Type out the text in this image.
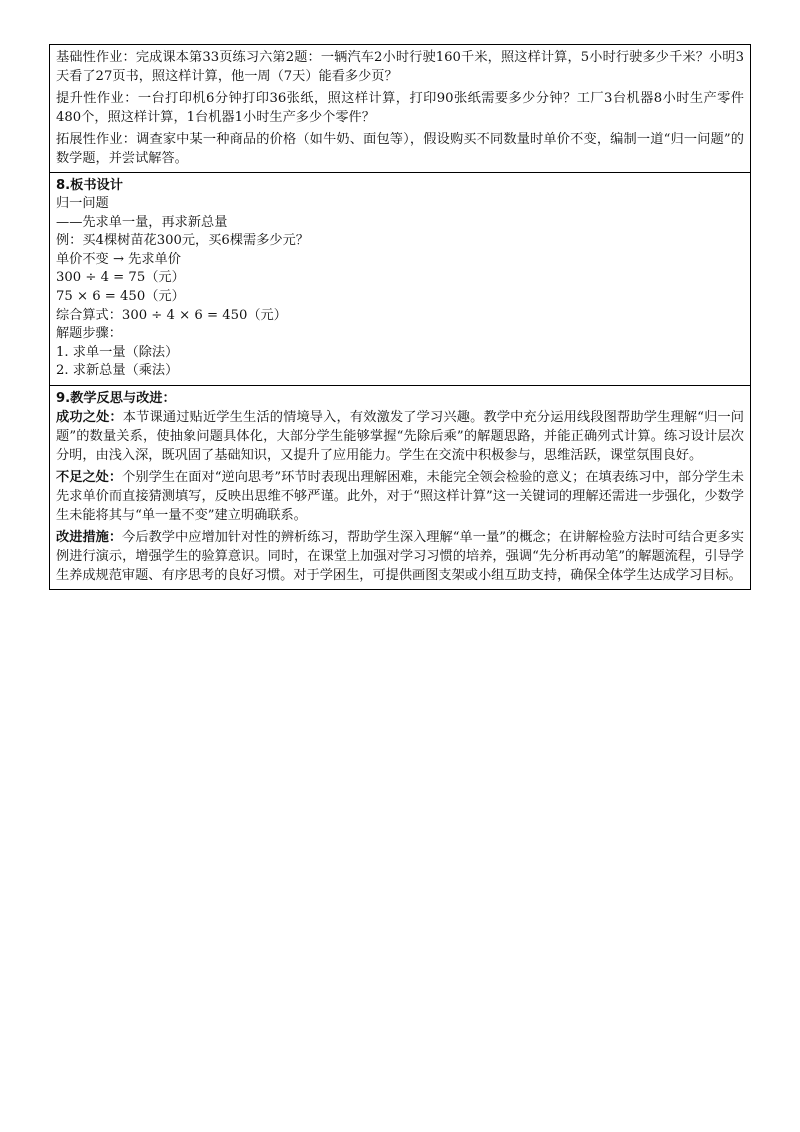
基础性作业：完成课本第33页练习六第2题：一辆汽车2小时行驶160千米，照这样计算，5小时行驶多少千米？小明3天看了27页书，照这样计算，他一周（7天）能看多少页？

提升性作业：一台打印机6分钟打印36张纸，照这样计算，打印90张纸需要多少分钟？工厂3台机器8小时生产零件480个，照这样计算，1台机器1小时生产多少个零件？

拓展性作业：调查家中某一种商品的价格（如牛奶、面包等），假设购买不同数量时单价不变，编制一道“归一问题”的数学题，并尝试解答。

8.板书设计
归一问题
——先求单一量，再求新总量
例：买4棵树苗花300元，买6棵需多少元？
单价不变 → 先求单价
300 ÷ 4 = 75（元）
75 × 6 = 450（元）
综合算式：300 ÷ 4 × 6 = 450（元）
解题步骤：
1. 求单一量（除法）
2. 求新总量（乘法）

9.教学反思与改进：

成功之处：本节课通过贴近学生生活的情境导入，有效激发了学习兴趣。教学中充分运用线段图帮助学生理解“归一问题”的数量关系，使抽象问题具体化，大部分学生能够掌握“先除后乘”的解题思路，并能正确列式计算。练习设计层次分明，由浅入深，既巩固了基础知识，又提升了应用能力。学生在交流中积极参与，思维活跃，课堂氛围良好。

不足之处：个别学生在面对“逆向思考”环节时表现出理解困难，未能完全领会检验的意义；在填表练习中，部分学生未先求单价而直接猜测填写，反映出思维不够严谨。此外，对于“照这样计算”这一关键词的理解还需进一步强化，少数学生未能将其与“单一量不变”建立明确联系。

改进措施：今后教学中应增加针对性的辨析练习，帮助学生深入理解“单一量”的概念；在讲解检验方法时可结合更多实例进行演示，增强学生的验算意识。同时，在课堂上加强对学习习惯的培养，强调“先分析再动笔”的解题流程，引导学生养成规范审题、有序思考的良好习惯。对于学困生，可提供画图支架或小组互助支持，确保全体学生达成学习目标。
